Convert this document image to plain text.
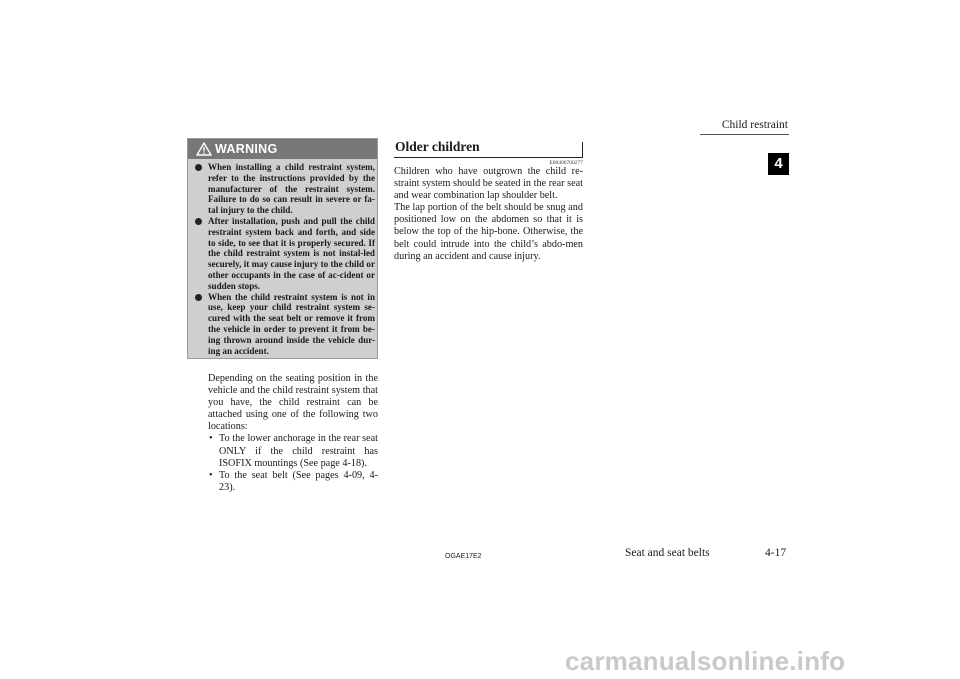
Child restraint
4
WARNING
When installing a child restraint system, refer to the instructions provided by the manufacturer of the restraint system. Failure to do so can result in severe or fa-tal injury to the child.
After installation, push and pull the child restraint system back and forth, and side to side, to see that it is properly secured. If the child restraint system is not instal-led securely, it may cause injury to the child or other occupants in the case of ac-cident or sudden stops.
When the child restraint system is not in use, keep your child restraint system se-cured with the seat belt or remove it from the vehicle in order to prevent it from be-ing thrown around inside the vehicle dur-ing an accident.

Depending on the seating position in the vehicle and the child restraint system that you have, the child restraint can be attached using one of the following two locations:

• To the lower anchorage in the rear seat ONLY if the child restraint has ISOFIX mountings (See page 4-18).
• To the seat belt (See pages 4-09, 4-23).
Older children
E00406700277

Children who have outgrown the child re-straint system should be seated in the rear seat and wear combination lap shoulder belt.

The lap portion of the belt should be snug and positioned low on the abdomen so that it is below the top of the hip-bone. Otherwise, the belt could intrude into the child’s abdo-men during an accident and cause injury.

OGAE17E2	Seat and seat belts	4-17
carmanualsonline.info
